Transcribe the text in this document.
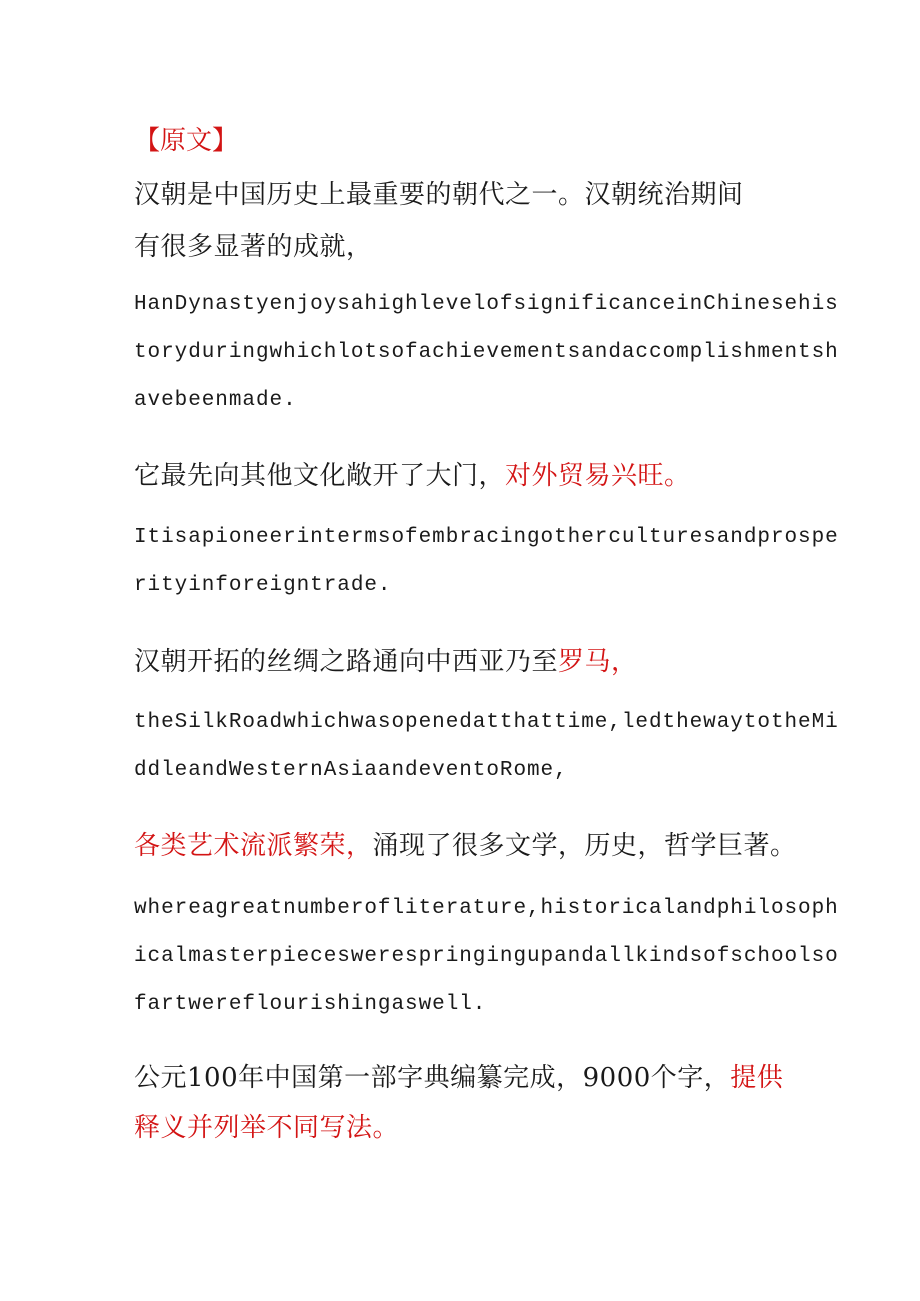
【原文】
汉朝是中国历史上最重要的朝代之一。汉朝统治期间
有很多显著的成就，
HanDynastyenjoysahighlevelofsignificanceinChinesehis
toryduringwhichlotsofachievementsandaccomplishmentsh
avebeenmade.
它最先向其他文化敞开了大门，对外贸易兴旺。
Itisapioneerintermsofembracingotherculturesandprospe
rityinforeigntrade.
汉朝开拓的丝绸之路通向中西亚乃至罗马，
theSilkRoadwhichwasopenedatthattime,ledthewaytotheMi
ddleandWesternAsiaandeventoRome,
各类艺术流派繁荣，涌现了很多文学，历史，哲学巨著。
whereagreatnumberofliterature,historicalandphilosoph
icalmasterpieceswerespringingupandallkindsofschoolso
fartwereflourishingaswell.
公元100年中国第一部字典编纂完成，9000个字，提供
释义并列举不同写法。
